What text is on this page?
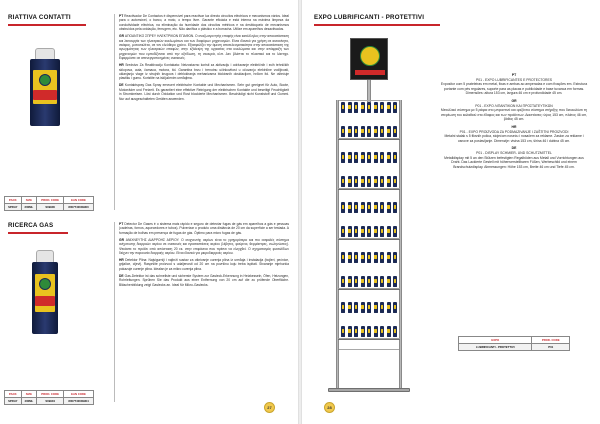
RIATTIVA CONTATTI
PACK	SIZE	PROD. CODE	EAN CODE
SPRAY	200ML	S09900	8007740009900

PT Reactivador De Contactos é dispensível para reactivar luz directo circuitos eléctricos e mecanismos vários. Ideal para o automóvel, o barco, a moto, o tempo livre. Garante eficácia e está interna na máxima limpeza da condutividade eléctrica, na eliminação da humidade dos circuitos métricos e na desbloqueio de mecanismos obstruídos pela oxidação, ferrugem, etc. Não danifica o plástico e a borracha. Utilize em aparelhos desactivados.

GR ΑΠΟΑΝΤΙΚΟ ΣΠΡΕΥ ΗΛΕΚΤΡΙΚΩΝ ΕΠΑΦΩΝ. Ο αναζωογονητής επαφής είναι κατάλληλος στην αποκατάσταση και λειτουργία των ηλεκτρικών κυκλωμάτων και των διαφόρων μηχανισμών. Είναι ιδανικό για χρήση σε αυτοκίνητο, σκάφος, μοτοσικλέτα, σε τον ελεύθερο χρόνο. Εξασφαλίζει την άμεση αποτελεσματικότητα στην αποκατάσταση της αγωγιμότητας των ηλεκτρικών επαφών, στην εξάλειψη της υγρασίας στα κυκλώματα και στην απόφραξη των μηχανισμών που εμποδίζονται από την οξείδωση, τη σκουριά, κλπ. Δεν βλάπτει το πλαστικό και το λάστιχο. Εφαρμόστε σε απενεργοποιημένες συσκευές.

HR Sredstvo Za Reaktivaciju Kontakata: Neizostavno koristi za aktivaciju i održavanje električnih i svih tehničkih sklopova, auta, čamaca, motora, itd. Garantira brzu i trenutnu učinkovitost u očuvanju električne vodljivosti, uklanjanju vlage iz strujnih krugova i deblokiranja mehanizama blokiranih oksidacijom, hrđom itd. Ne oštećuje plastiku i gumu. Koristite na isključenim uređajima.

DE Kontaktspray Das Spray erneuert elektrische Kontakte und Mechanismen. Sehr gut geeignet für Auto, Boote, Motorräder und Freizeit. Es garantiert eine effektive Reinigung der elektrischen Kontakte und beseitigt Feuchtigkeit in Stromkreisen. Löst durch Oxidation und Rost blockierte Mechanismen. Beschädigt nicht Kunststoff und Gummi. Nur auf ausgeschalteten Geräten anwenden.

RICERCA GAS
PACK	SIZE	PROD. CODE	EAN CODE
SPRAY	400ML	S09904	8007740009904

PT Detector De Gases é o sistema mais rápido e seguro de detectar fugas de gás em aparelhos a gás e pessoas (cadeiras, fornos, aquecedores e tubos). Pulverizar o produto uma distância de 20 cm da superfície a ser testada. A formação de bolhas em presença de fugas de gás. Óptimo para micro fugas de gás.

GR ΑΝΙΧΝΕΥΤΗΣ ΔΙΑΡΡΟΗΣ ΑΕΡΙΟΥ. Ο ανιχνευτής αερίων είναι το γρηγορότερο και πιο ασφαλές σύστημα ανίχνευσης διαρροών αερίου σε συσκευές και εγκαταστάσεις αερίου (λέβητες, φούρνοι, θερμάστρες, σωληνώσεις). Ψεκάστε το προϊόν από απόσταση 20 εκ. στην επιφάνεια που πρέπει να ελεγχθεί. Ο σχηματισμός φυσαλίδων δείχνει την παρουσία διαρροής αερίου. Είναι ιδανικό για μικροδιαρροές αερίου.

HR Detektor Plina: Najsigurniji i najbrži sustav za otkrivanje curenja plina iz uređaja i instalacija (bojleri, pećnice, grijalice, cijevi). Raspršite proizvod s udaljenosti od 20 cm na površinu koju treba ispitati. Stvaranje mjehurića pokazuje curenje plina. Idealan je za mikro curenja plina.

DE Gas-Detektor ist das schnellste und sicherste System zur Gasleck-Erkennung in Heizkesseln, Öfen, Heizungen, Rohrleitungen. Sprühen Sie das Produkt aus einer Entfernung von 20 cm auf die zu prüfende Oberfläche. Bläschenbildung zeigt Gaslecks an. Ideal für Mikro-Gaslecks.

27
EXPO LUBRIFICANTI - PROTETTIVI
PT
P01 - EXPO LUBRIFICANTES E PROTECTORES
Expositor com 5 prateleiras em metal, fixas e ambas ao amperadas e com fixações em. Estrutura portante com pés regulares, suporte para as placas e publicidade e base tuxanca em formas. Dimensões: altura 153 cm, largura 46 cm e profundidade 45 cm.
GR
P01 - EXPO ΛΙΠΑΝΤΙΚΩΝ ΚΑΙ ΠΡΟΣΤΑΤΕΥΤΙΚΩΝ
Μεταλλικό σύστημα με 5 ράφια στο μπροστινό και οριζόντιο σύστημα στήριξης που διευκολύνει τη στερέωση του καλαθιού στο έδαφος και των προϊόντων. Διαστάσεις: ύψος 153 cm, πλάτος 46 cm, βάθος 45 cm.
HR
P01 - EXPO PROIZVODA ZA PODMAZIVANJE I ZAŠTITNI PROIZVODI
Metalni stalak s 5 fiksnih polica, stojećom noseću i nosačem za reklame. Zaslon za reklame i osnove za postavljanje. Dimenzije: visina 153 cm, širina 46 i dubina 45 cm.
DE
P01 - DISPLAY SCHMIER- UND SCHUTZMITTEL
Metalldisplay mit 5 an den Stützen befestigten Regalböden aus Metall und Vorrichtungen aus Draht. Das Lackierte Gestell mit höhenverstellbaren Füßen, Werbeschild und einem Brandschutzdisplay. Abmessungen: Höhe 153 cm, Breite 46 cm und Tiefe 45 cm.
EXPO	PROD. CODE
LUBRIFICANTI - PROTETTIVI	P01
28
